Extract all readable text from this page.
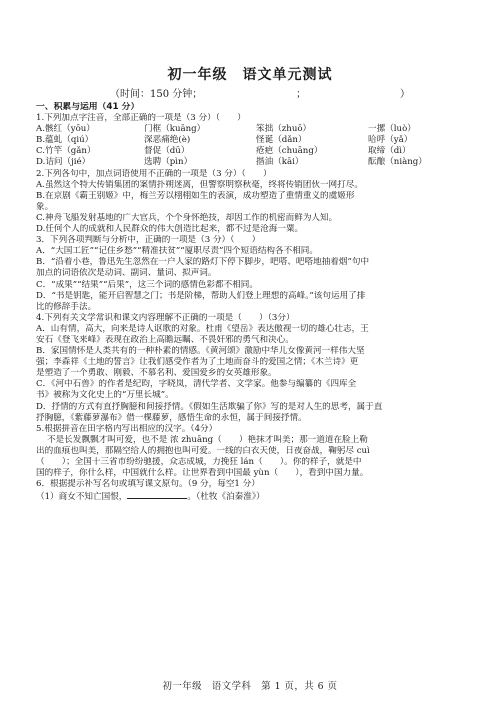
初一年级　语文单元测试
（时间：150 分钟；	；	）
一、积累与运用（41 分）
1.下列加点字注音，全部正确的一项是（3 分）（　　）
A.骸红（yōu）	门框（kuāng）	笨拙（zhuō）	一摞（luò）
B.蕴虬（qiú）	深恶痛绝(è)	怪诞（dǎn）	哈呼（yǎ）
C.竹竿（gǎn）	督促（dū）	疮疤（chuāng）	取缔（dì）
D.诘问（jié）	选聘（pìn）	揩油（kāi）	酝酿（niàng）
2.下列各句中，加点词语使用不正确的一项是（3 分）（　　）
A.虽然这个特大传销集团的案情扑朔迷离，但警察明察秋毫，终将传销团伙一网打尽。
B.在京剧《霸王别姬》中，梅兰芳以栩栩如生的表演，成功塑造了重情重义的虞姬形
象。
C.神舟飞船发射基地的广大官兵，个个身怀绝技，却因工作的机密而鲜为人知。
D.任何个人的成就和人民群众的伟大创造比起来，都不过是沧海一粟。
3．下列各项判断与分析中，正确的一项是（3 分）（　　）
A．“大国工匠”“记住乡愁”“精准扶贫”“厦职尽责”四个短语结构各不相同。
B．“沿着小巷，鲁迅先生忽然在一户人家的路灯下停下脚步，吧嗒、吧嗒地抽着烟”句中
加点的词语依次是动词、副词、量词、拟声词。
C．“成果”“结果”“后果”，这三个词的感情色彩都不相同。
D．“书是钥匙，能开启智慧之门；书是阶梯，帮助人们登上理想的高峰。”该句运用了排
比的修辞手法。
4.下列有关文学常识和课文内容理解不正确的一项是（　　）（3分）
A．山有情，高大，向来是诗人讴歌的对象。杜甫《望岳》表达傲视一切的雄心壮志，王
安石《登飞来峰》表现在政治上高瞻远瞩、不畏奸邪的勇气和决心。
B．家国情怀是人类共有的一种朴素的情感。《黄河颂》激励中华儿女像黄河一样伟大坚
强；李森祥《土地的誓言》让我们感受作者为了土地而奋斗的爱国之情；《木兰诗》更
是塑造了一个勇敢、刚毅、不慕名利、爱国爱乡的女英雄形象。
C．《河中石兽》的作者是纪昀，字晓岚，清代学者、文学家。他参与编纂的《四库全
书》被称为文化史上的“万里长城”。
D．抒情的方式有直抒胸臆和间接抒情。《假如生活欺骗了你》写的是对人生的思考，属于直
抒胸臆，《紫藤萝瀑布》借一棵藤萝，感悟生命的永恒，属于间接抒情。
5.根据拼音在田字格内写出相应的汉字。（4分）
不是长发飘飘才叫可爱，也不是 浓 zhuāng（　　）艳抹才叫美；那一道道在脸上勒
出的血痕也叫美，那隔空给人的拥抱也叫可爱。一线的白衣天使，日夜奋战，鞠躬尽 cuì
（　　）；全国十三省市纷纷驰援，众志成城，力挽狂 lán（　　）。你的样子，就是中
国的样子，你什么样，中国就什么样。让世界看到中国最 yùn（　　），看到中国力量。
6．根据提示补写名句或填写课文原句。（9 分，每空1 分）
（1）商女不知亡国恨，	。（杜牧《泊秦淮》）
初一年级　语文学科　第 1 页，共 6 页
